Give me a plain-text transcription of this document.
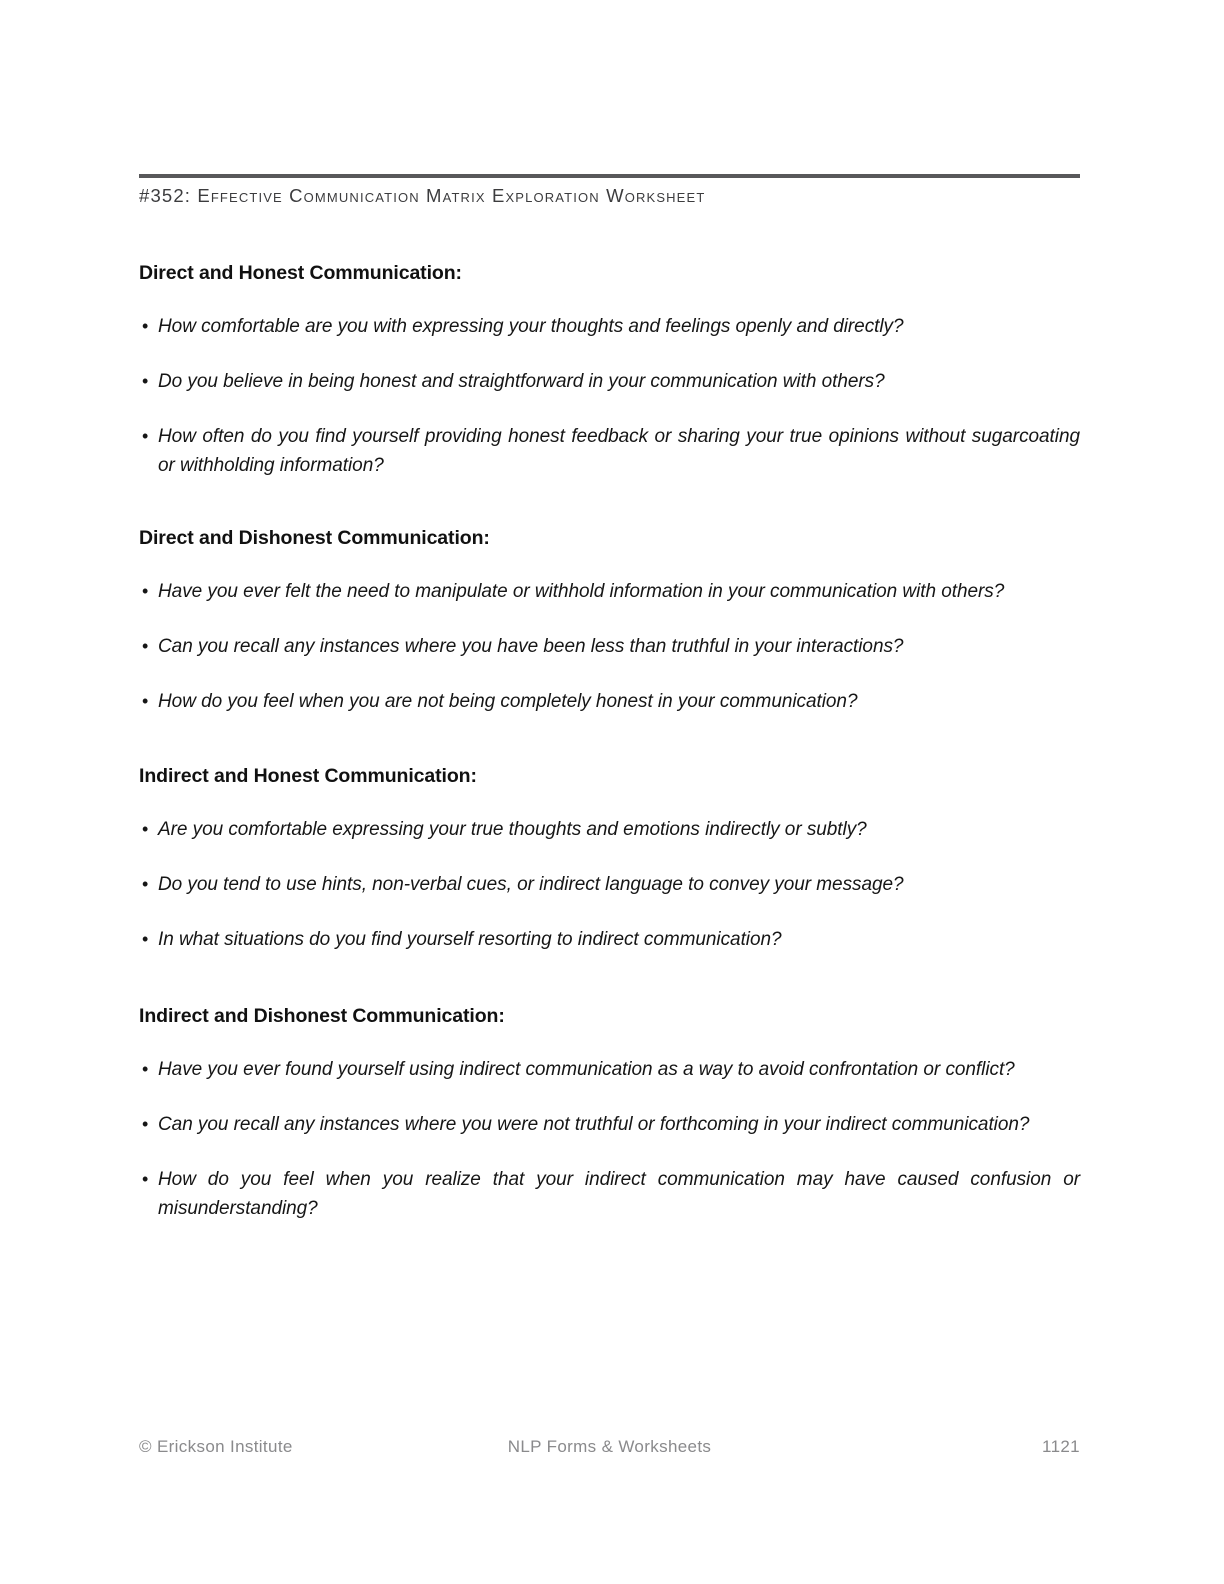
#352: Effective Communication Matrix Exploration Worksheet
Direct and Honest Communication:
• How comfortable are you with expressing your thoughts and feelings openly and directly?
• Do you believe in being honest and straightforward in your communication with others?
• How often do you find yourself providing honest feedback or sharing your true opinions without sugarcoating or withholding information?
Direct and Dishonest Communication:
• Have you ever felt the need to manipulate or withhold information in your communication with others?
• Can you recall any instances where you have been less than truthful in your interactions?
• How do you feel when you are not being completely honest in your communication?
Indirect and Honest Communication:
• Are you comfortable expressing your true thoughts and emotions indirectly or subtly?
• Do you tend to use hints, non-verbal cues, or indirect language to convey your message?
• In what situations do you find yourself resorting to indirect communication?
Indirect and Dishonest Communication:
• Have you ever found yourself using indirect communication as a way to avoid confrontation or conflict?
• Can you recall any instances where you were not truthful or forthcoming in your indirect communication?
• How do you feel when you realize that your indirect communication may have caused confusion or misunderstanding?
© Erickson Institute	NLP Forms & Worksheets	1121
